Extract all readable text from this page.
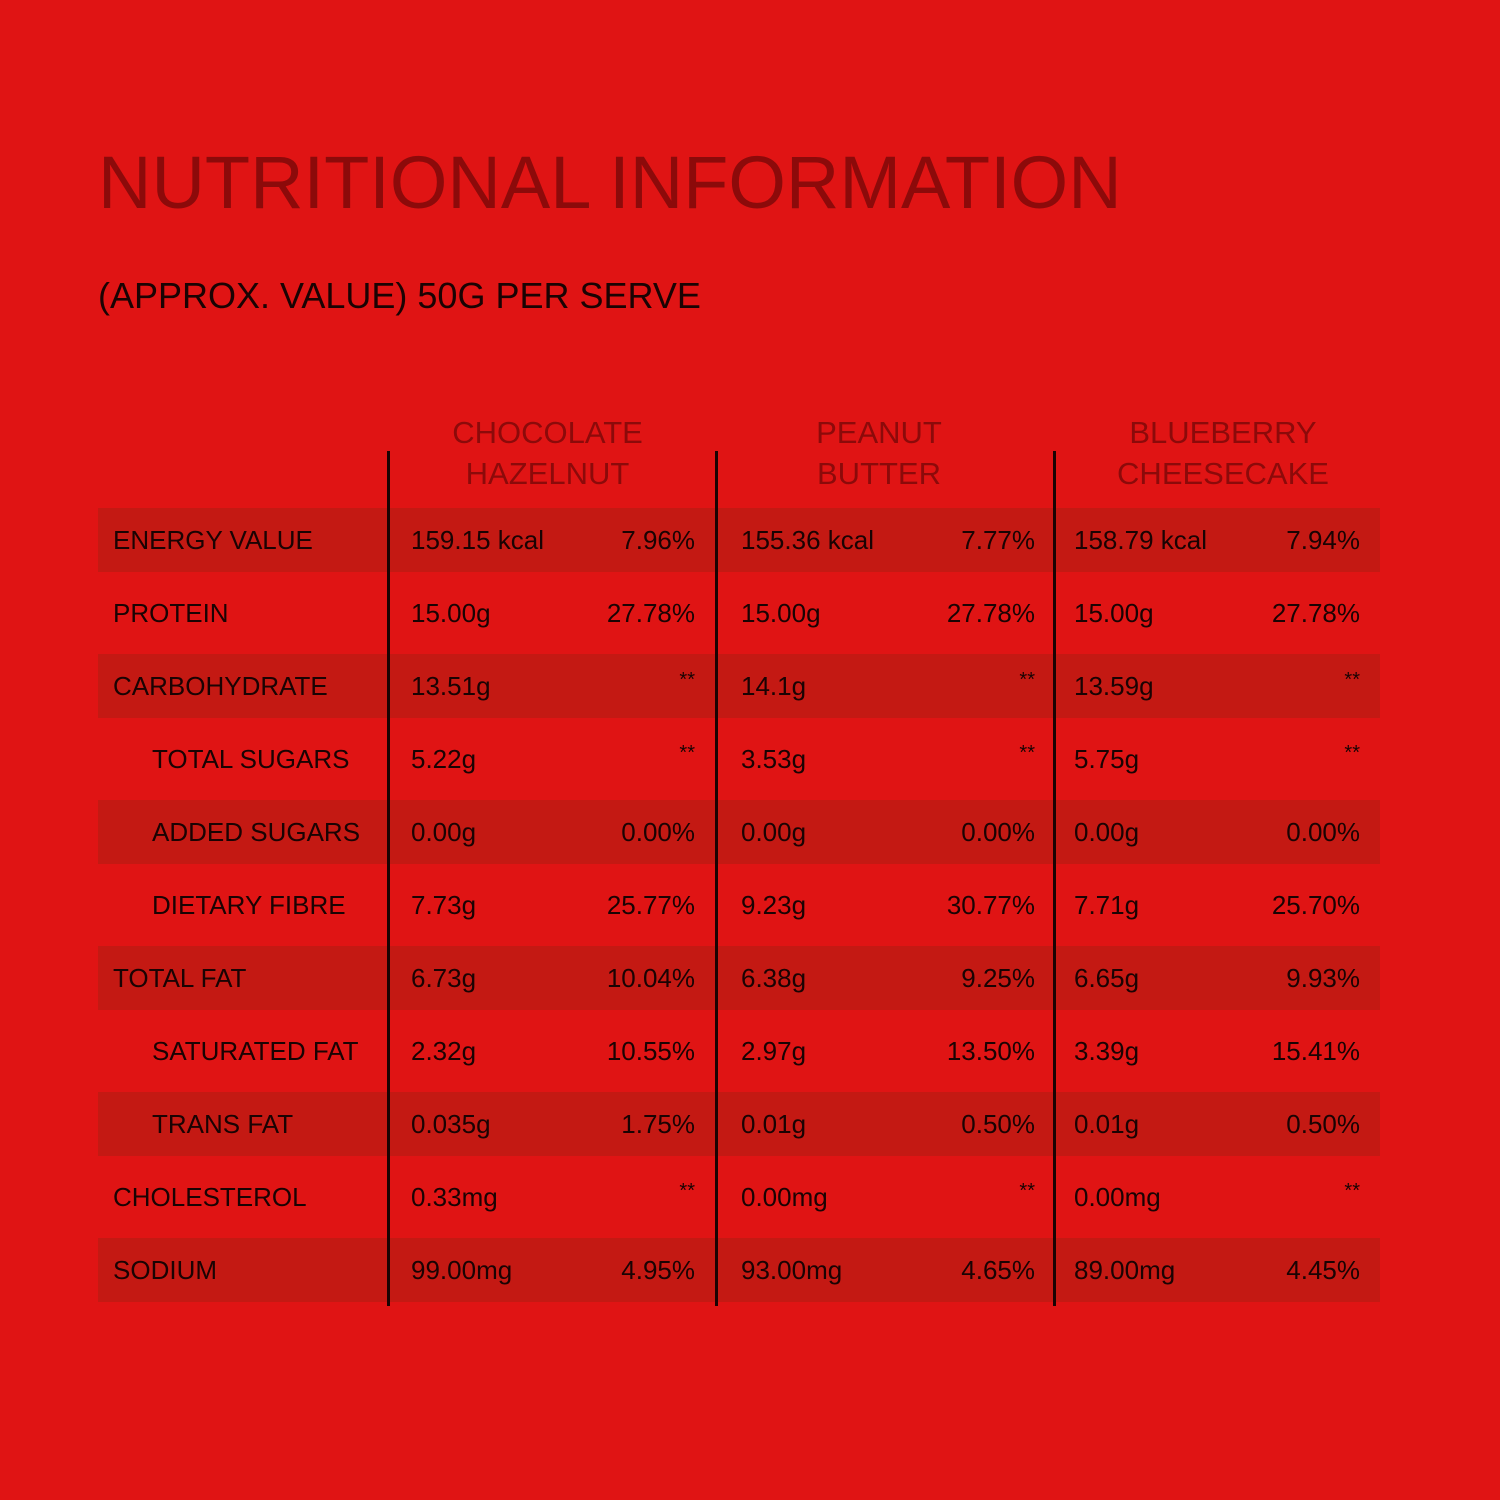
NUTRITIONAL INFORMATION
(APPROX. VALUE) 50G PER SERVE
CHOCOLATE
HAZELNUT
PEANUT
BUTTER
BLUEBERRY
CHEESECAKE
ENERGY VALUE	159.15 kcal	7.96% 155.36 kcal	7.77% 158.79 kcal	7.94%
PROTEIN	15.00g	27.78% 15.00g	27.78% 15.00g	27.78%
CARBOHYDRATE	13.51g	** 14.1g	** 13.59g	**
TOTAL SUGARS 5.22g	** 3.53g	** 5.75g	**
ADDED SUGARS 0.00g	0.00% 0.00g	0.00% 0.00g	0.00%
DIETARY FIBRE	7.73g	25.77% 9.23g	30.77% 7.71g	25.70%
TOTAL FAT	6.73g	10.04% 6.38g	9.25% 6.65g	9.93%
SATURATED FAT 2.32g	10.55% 2.97g	13.50% 3.39g	15.41%
TRANS FAT	0.035g	1.75% 0.01g	0.50% 0.01g	0.50%
CHOLESTEROL	0.33mg	** 0.00mg	** 0.00mg	**
SODIUM	99.00mg	4.95% 93.00mg	4.65% 89.00mg	4.45%
